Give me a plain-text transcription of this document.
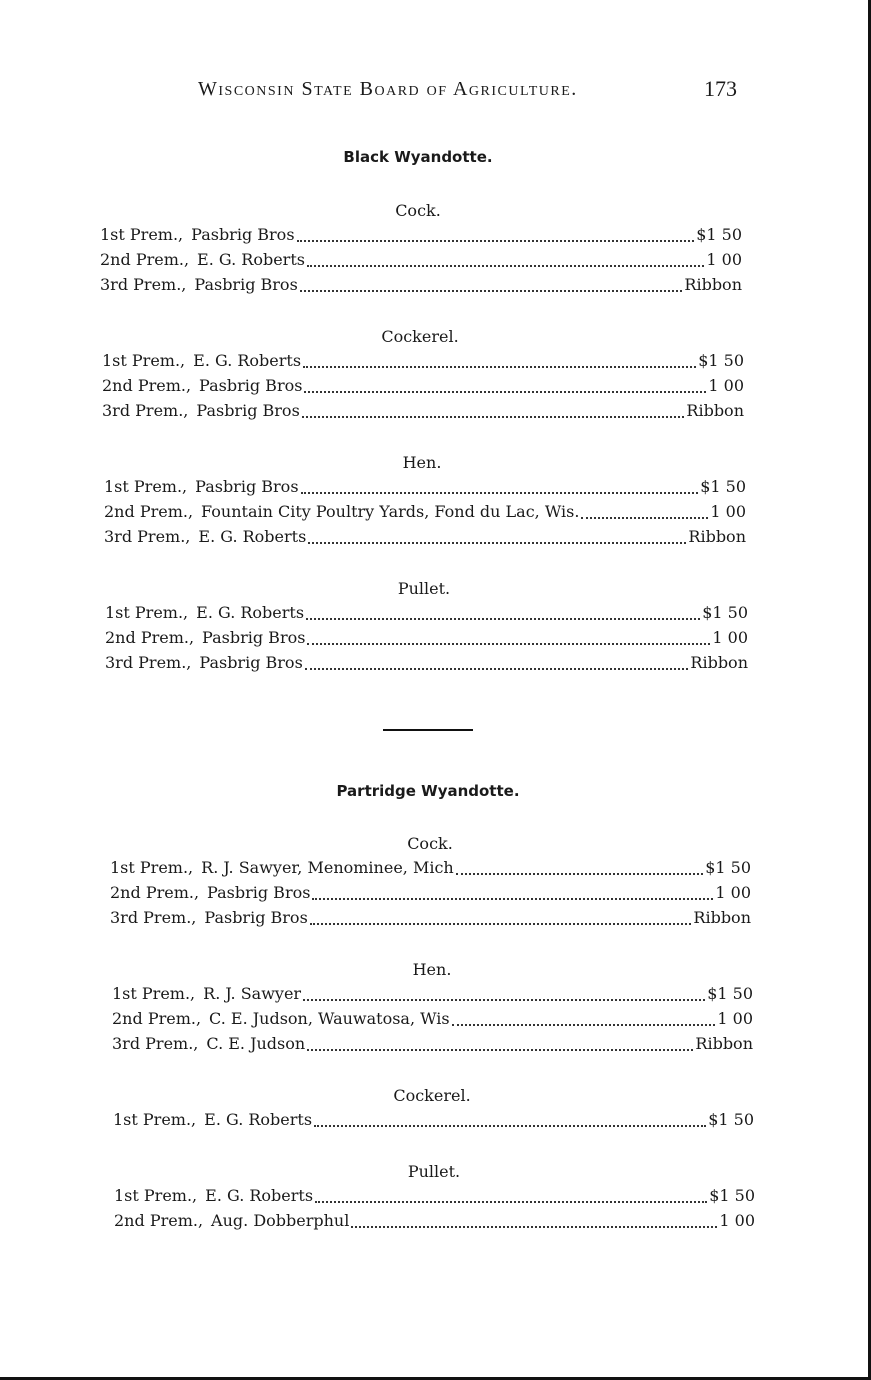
Wisconsin State Board of Agriculture.	173
Black Wyandotte.
Cock.
1st Prem., Pasbrig Bros	$1 50
2nd Prem., E. G. Roberts	1 00
3rd Prem., Pasbrig Bros	Ribbon
Cockerel.
1st Prem., E. G. Roberts	$1 50
2nd Prem., Pasbrig Bros	1 00
3rd Prem., Pasbrig Bros	Ribbon
Hen.
1st Prem., Pasbrig Bros	$1 50
2nd Prem., Fountain City Poultry Yards, Fond du Lac, Wis.	1 00
3rd Prem., E. G. Roberts	Ribbon
Pullet.
1st Prem., E. G. Roberts	$1 50
2nd Prem., Pasbrig Bros	1 00
3rd Prem., Pasbrig Bros	Ribbon
Partridge Wyandotte.
Cock.
1st Prem., R. J. Sawyer, Menominee, Mich	$1 50
2nd Prem., Pasbrig Bros	1 00
3rd Prem., Pasbrig Bros	Ribbon
Hen.
1st Prem., R. J. Sawyer	$1 50
2nd Prem., C. E. Judson, Wauwatosa, Wis	1 00
3rd Prem., C. E. Judson	Ribbon
Cockerel.
1st Prem., E. G. Roberts	$1 50
Pullet.
1st Prem., E. G. Roberts	$1 50
2nd Prem., Aug. Dobberphul	1 00
